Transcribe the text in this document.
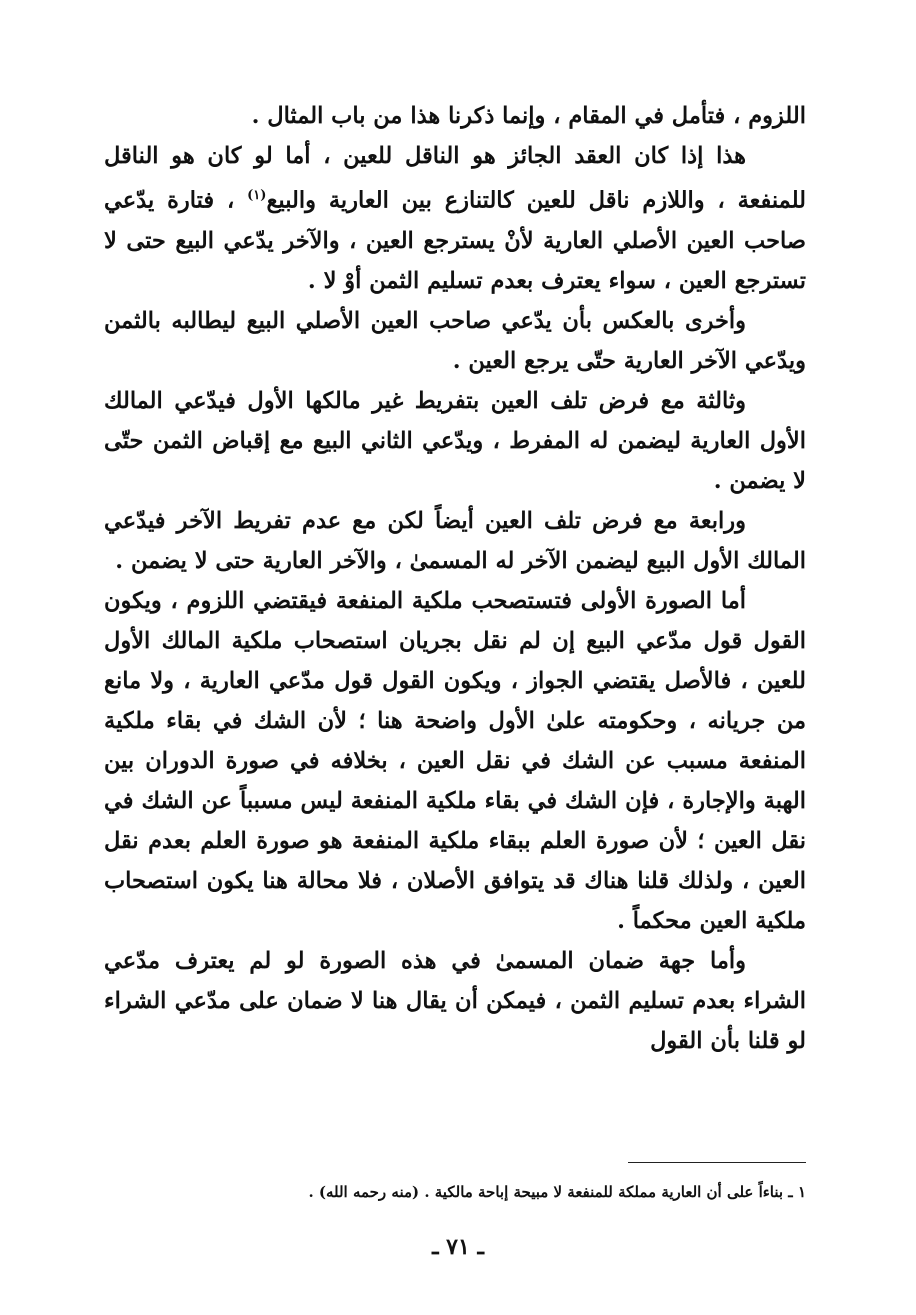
اللزوم ، فتأمل في المقام ، وإنما ذكرنا هذا من باب المثال .

هذا إذا كان العقد الجائز هو الناقل للعين ، أما لو كان هو الناقل للمنفعة ، واللازم ناقل للعين كالتنازع بين العارية والبيع$^{(١)}$ ، فتارة يدّعي صاحب العين الأصلي العارية لأنْ يسترجع العين ، والآخر يدّعي البيع حتى لا تسترجع العين ، سواء يعترف بعدم تسليم الثمن أوْ لا .

وأخرى بالعكس بأن يدّعي صاحب العين الأصلي البيع ليطالبه بالثمن ويدّعي الآخر العارية حتّى يرجع العين .

وثالثة مع فرض تلف العين بتفريط غير مالكها الأول فيدّعي المالك الأول العارية ليضمن له المفرط ، ويدّعي الثاني البيع مع إقباض الثمن حتّى لا يضمن .

ورابعة مع فرض تلف العين أيضاً لكن مع عدم تفريط الآخر فيدّعي المالك الأول البيع ليضمن الآخر له المسمىٰ ، والآخر العارية حتى لا يضمن .

أما الصورة الأولى فتستصحب ملكية المنفعة فيقتضي اللزوم ، ويكون القول قول مدّعي البيع إن لم نقل بجريان استصحاب ملكية المالك الأول للعين ، فالأصل يقتضي الجواز ، ويكون القول قول مدّعي العارية ، ولا مانع من جريانه ، وحكومته علىٰ الأول واضحة هنا ؛ لأن الشك في بقاء ملكية المنفعة مسبب عن الشك في نقل العين ، بخلافه في صورة الدوران بين الهبة والإجارة ، فإن الشك في بقاء ملكية المنفعة ليس مسبباً عن الشك في نقل العين ؛ لأن صورة العلم ببقاء ملكية المنفعة هو صورة العلم بعدم نقل العين ، ولذلك قلنا هناك قد يتوافق الأصلان ، فلا محالة هنا يكون استصحاب ملكية العين محكماً .

وأما جهة ضمان المسمىٰ في هذه الصورة لو لم يعترف مدّعي الشراء بعدم تسليم الثمن ، فيمكن أن يقال هنا لا ضمان على مدّعي الشراء لو قلنا بأن القول

١ ـ بناءاً على أن العارية مملكة للمنفعة لا مبيحة إباحة مالكية . (منه رحمه الله) .
ـ ٧١ ـ
